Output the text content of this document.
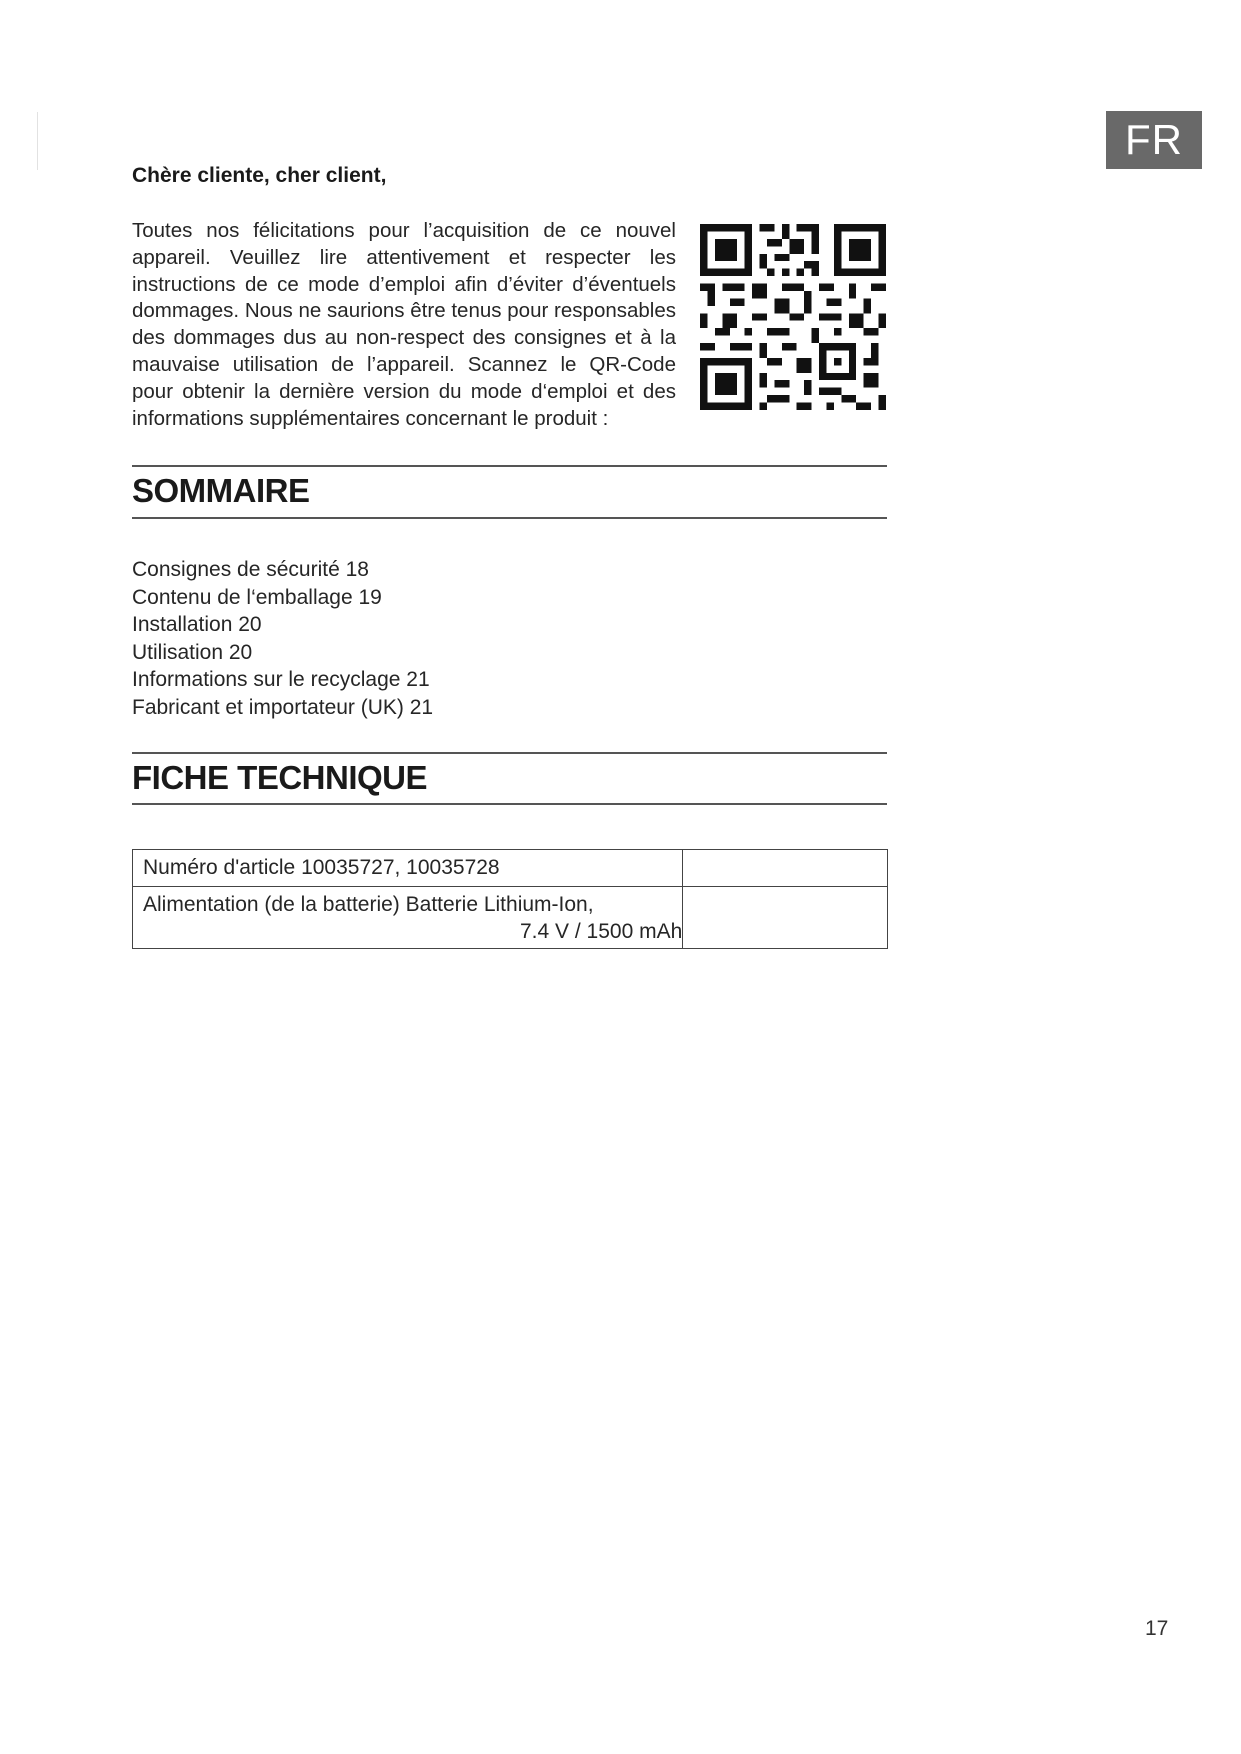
FR
Chère cliente, cher client,
Toutes nos félicitations pour l’acquisition de ce nouvel appareil. Veuillez lire attentivement et respecter les instructions de ce mode d’emploi afin d’éviter d’éventuels dommages. Nous ne saurions être tenus pour responsables des dommages dus au non-respect des consignes et à la mauvaise utilisation de l’appareil. Scannez le QR-Code pour obtenir la dernière version du mode d‘emploi et des informations supplémentaires concernant le produit :
SOMMAIRE
Consignes de sécurité 18
Contenu de l‘emballage 19
Installation 20
Utilisation 20
Informations sur le recyclage 21
Fabricant et importateur (UK) 21
FICHE TECHNIQUE
Numéro d'article 10035727, 10035728	

Alimentation (de la batterie) Batterie Lithium-Ion,
7.4 V / 1500 mAh	

17
